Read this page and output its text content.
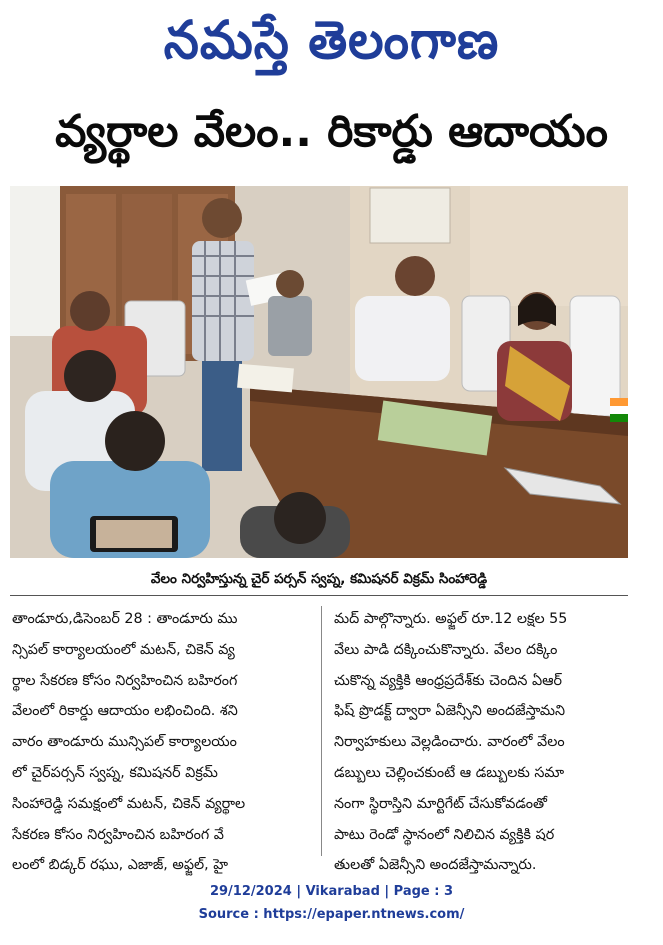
నమస్తే తెలంగాణ
వ్యర్థాల వేలం.. రికార్డు ఆదాయం
వేలం నిర్వహిస్తున్న చైర్ పర్సన్ స్వప్న, కమిషనర్ విక్రమ్ సింహారెడ్డి
తాండూరు,డిసెంబర్ 28 : తాండూరు ము
న్సిపల్ కార్యాలయంలో మటన్, చికెన్ వ్య
ర్థాల సేకరణ కోసం నిర్వహించిన బహిరంగ
వేలంలో రికార్డు ఆదాయం లభించింది. శని
వారం తాండూరు మున్సిపల్ కార్యాలయం
లో చైర్‌పర్సన్ స్వప్న, కమిషనర్ విక్రమ్
సింహారెడ్డి సమక్షంలో మటన్, చికెన్ వ్యర్థాల
సేకరణ కోసం నిర్వహించిన బహిరంగ వే
లంలో బిడ్కర్ రఘు, ఎజాజ్, అఫ్జల్, హై
మద్ పాల్గొన్నారు. అఫ్జల్ రూ.12 లక్షల 55
వేలు పాడి దక్కించుకొన్నారు. వేలం దక్కిం
చుకొన్న వ్యక్తికి ఆంధ్రప్రదేశ్‌కు చెందిన ఏఆర్
ఫిష్ ప్రొడక్ట్ ద్వారా ఏజెన్సీని అందజేస్తామని
నిర్వాహకులు వెల్లడించారు. వారంలో వేలం
డబ్బులు చెల్లించకుంటే ఆ డబ్బులకు సమా
నంగా స్థిరాస్తిని మార్టిగేట్ చేసుకోవడంతో
పాటు రెండో స్థానంలో నిలిచిన వ్యక్తికి షర
తులతో ఏజెన్సీని అందజేస్తామన్నారు.
29/12/2024 | Vikarabad | Page : 3
Source : https://epaper.ntnews.com/
